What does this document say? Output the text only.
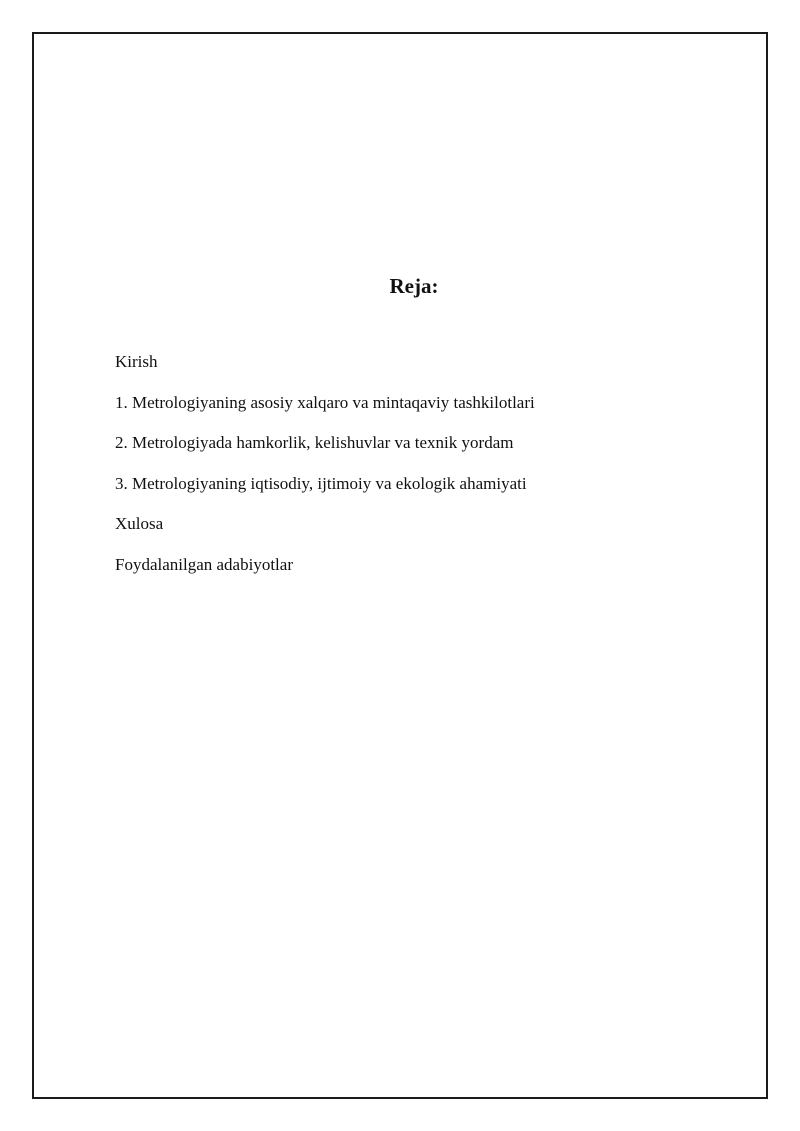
Reja:
Kirish
1. Metrologiyaning asosiy xalqaro va mintaqaviy tashkilotlari
2. Metrologiyada hamkorlik, kelishuvlar va texnik yordam
3. Metrologiyaning iqtisodiy, ijtimoiy va ekologik ahamiyati
Xulosa
Foydalanilgan adabiyotlar
